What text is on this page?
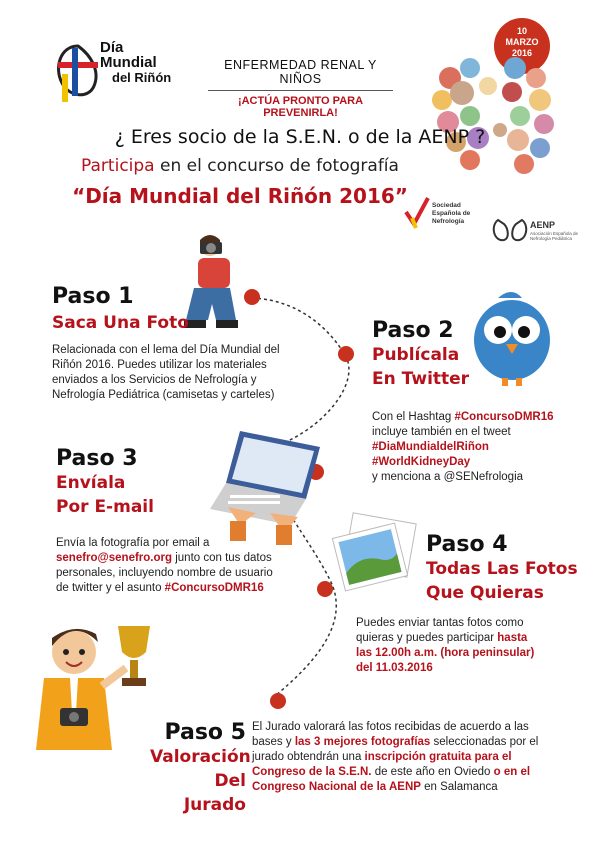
Día
Mundial
del Riñón
ENFERMEDAD RENAL Y NIÑOS
¡ACTÚA PRONTO PARA PREVENIRLA!
10
MARZO
2016
¿ Eres socio de la S.E.N. o de la AENP ?
Participa en el concurso de fotografía
“Día Mundial del Riñón 2016”	Sociedad
Española de
Nefrología	AENP
Asociación Española de Nefrología Pediátrica
Paso 1
Saca Una Foto
Relacionada con el lema del Día Mundial del Riñón 2016. Puedes utilizar los materiales enviados a los Servicios de Nefrología y Nefrología Pediátrica (camisetas y carteles)
Paso 2
Publícala
En Twitter
Con el Hashtag #ConcursoDMR16
incluye también en el tweet
#DiaMundialdelRiñon
#WorldKidneyDay
y menciona a @SENefrologia
Paso 3
Envíala
Por E-mail
Envía la fotografía por email a
senefro@senefro.org junto con tus datos personales, incluyendo nombre de usuario de twitter y el asunto #ConcursoDMR16
Paso 4
Todas Las Fotos
Que Quieras
Puedes enviar tantas fotos como quieras y puedes participar hasta las 12.00h a.m. (hora peninsular) del 11.03.2016
Paso 5
Valoración
Del Jurado
El Jurado valorará las fotos recibidas de acuerdo a las bases y las 3 mejores fotografías seleccionadas por el jurado obtendrán una inscripción gratuita para el Congreso de la S.E.N. de este año en Oviedo o en el Congreso Nacional de la AENP en Salamanca
